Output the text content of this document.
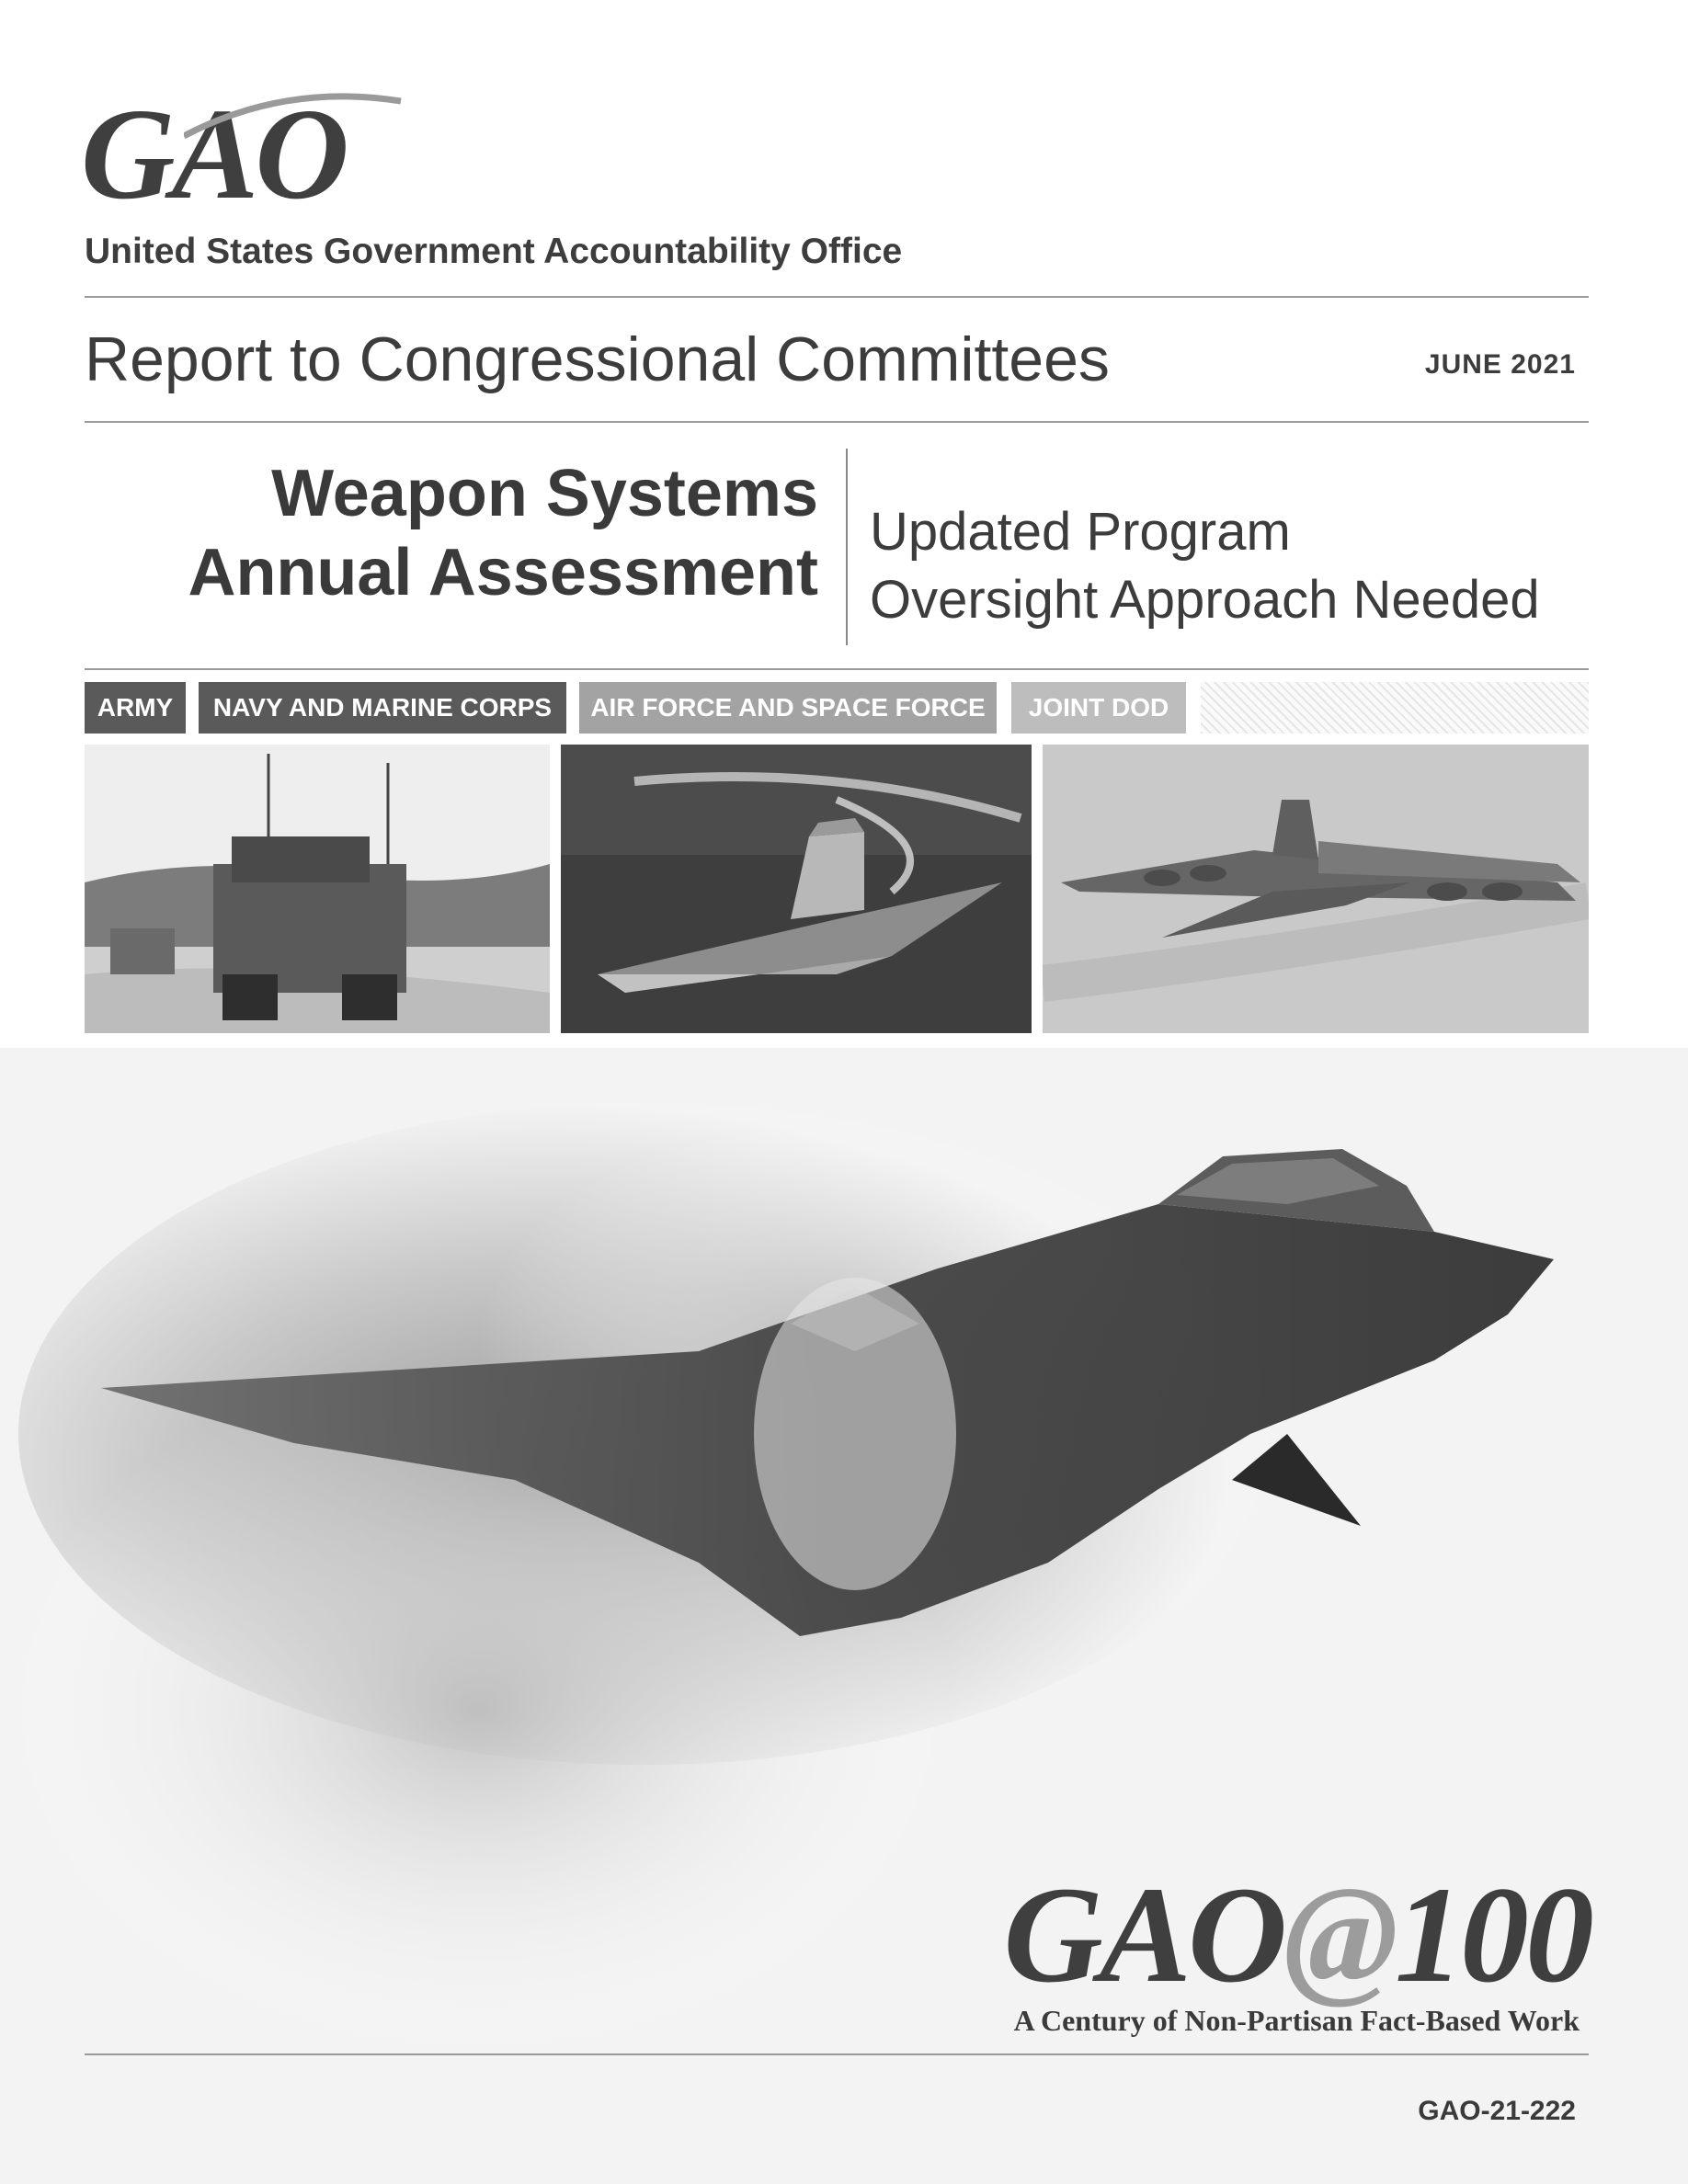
GAO
United States Government Accountability Office
Report to Congressional Committees	JUNE 2021
Weapon Systems
Annual Assessment
Updated Program
Oversight Approach Needed
ARMY	NAVY AND MARINE CORPS	AIR FORCE AND SPACE FORCE	JOINT DOD
GAO@100
A Century of Non-Partisan Fact-Based Work
GAO-21-222
